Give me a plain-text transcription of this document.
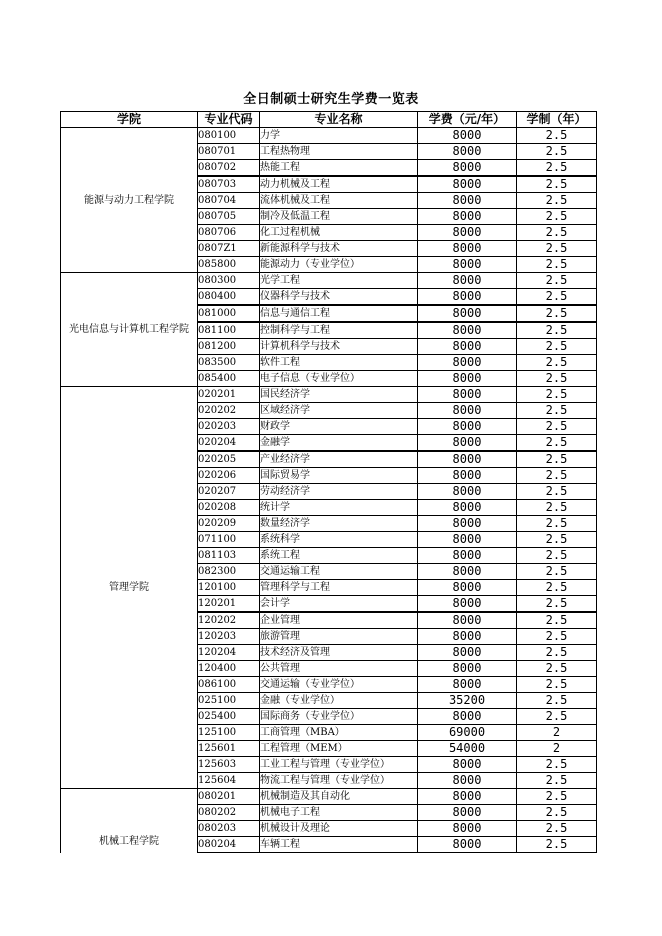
全日制硕士研究生学费一览表
学院	专业代码	专业名称	学费（元/年）	学制（年）
能源与动力工程学院	080100	力学	8000	2.5
	080701	工程热物理	8000	2.5
	080702	热能工程	8000	2.5
	080703	动力机械及工程	8000	2.5
	080704	流体机械及工程	8000	2.5
	080705	制冷及低温工程	8000	2.5
	080706	化工过程机械	8000	2.5
	0807Z1	新能源科学与技术	8000	2.5
	085800	能源动力（专业学位）	8000	2.5
光电信息与计算机工程学院	080300	光学工程	8000	2.5
	080400	仪器科学与技术	8000	2.5
	081000	信息与通信工程	8000	2.5
	081100	控制科学与工程	8000	2.5
	081200	计算机科学与技术	8000	2.5
	083500	软件工程	8000	2.5
	085400	电子信息（专业学位）	8000	2.5
管理学院	020201	国民经济学	8000	2.5
	020202	区域经济学	8000	2.5
	020203	财政学	8000	2.5
	020204	金融学	8000	2.5
	020205	产业经济学	8000	2.5
	020206	国际贸易学	8000	2.5
	020207	劳动经济学	8000	2.5
	020208	统计学	8000	2.5
	020209	数量经济学	8000	2.5
	071100	系统科学	8000	2.5
	081103	系统工程	8000	2.5
	082300	交通运输工程	8000	2.5
	120100	管理科学与工程	8000	2.5
	120201	会计学	8000	2.5
	120202	企业管理	8000	2.5
	120203	旅游管理	8000	2.5
	120204	技术经济及管理	8000	2.5
	120400	公共管理	8000	2.5
	086100	交通运输（专业学位）	8000	2.5
	025100	金融（专业学位）	35200	2.5
	025400	国际商务（专业学位）	8000	2.5
	125100	工商管理（MBA）	69000	2
	125601	工程管理（MEM）	54000	2
	125603	工业工程与管理（专业学位）	8000	2.5
	125604	物流工程与管理（专业学位）	8000	2.5
机械工程学院	080201	机械制造及其自动化	8000	2.5
	080202	机械电子工程	8000	2.5
	080203	机械设计及理论	8000	2.5
	080204	车辆工程	8000	2.5
